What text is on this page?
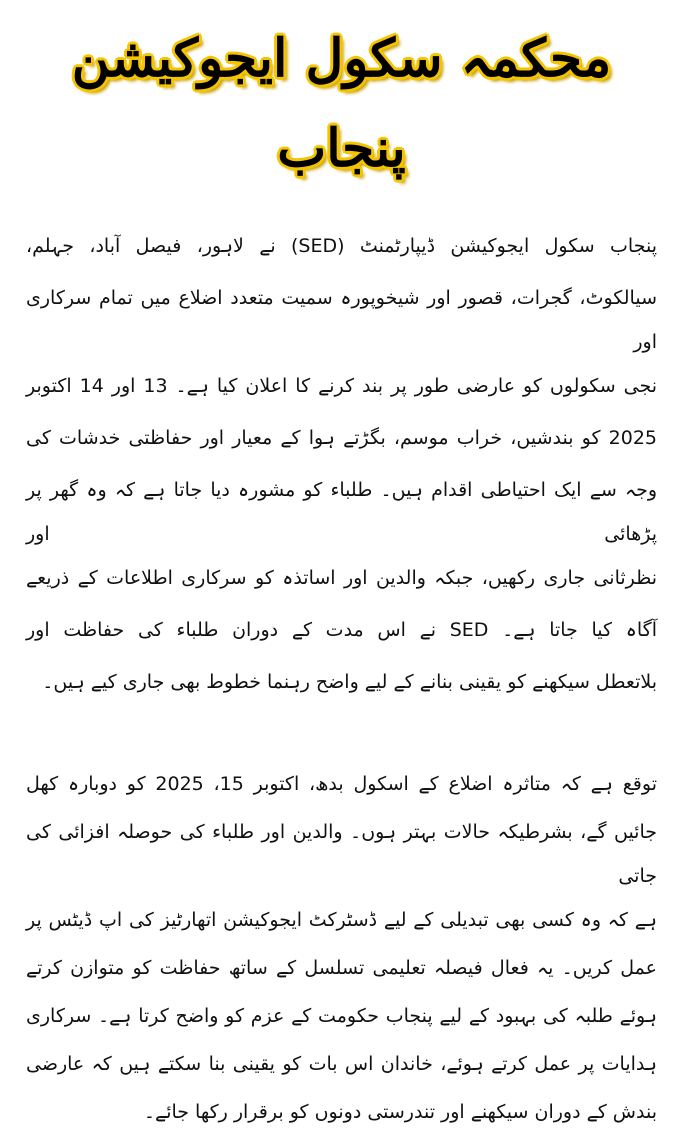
محکمہ سکول ایجوکیشن پنجاب
پنجاب سکول ایجوکیشن ڈیپارٹمنٹ (SED) نے لاہور، فیصل آباد، جہلم،
سیالکوٹ، گجرات، قصور اور شیخوپورہ سمیت متعدد اضلاع میں تمام سرکاری اور
نجی سکولوں کو عارضی طور پر بند کرنے کا اعلان کیا ہے۔ 13 اور 14 اکتوبر
2025 کو بندشیں، خراب موسم، بگڑتے ہوا کے معیار اور حفاظتی خدشات کی
وجہ سے ایک احتیاطی اقدام ہیں۔ طلباء کو مشورہ دیا جاتا ہے کہ وہ گھر پر پڑھائی اور
نظرثانی جاری رکھیں، جبکہ والدین اور اساتذہ کو سرکاری اطلاعات کے ذریعے
آگاہ کیا جاتا ہے۔ SED نے اس مدت کے دوران طلباء کی حفاظت اور
بلاتعطل سیکھنے کو یقینی بنانے کے لیے واضح رہنما خطوط بھی جاری کیے ہیں۔
توقع ہے کہ متاثرہ اضلاع کے اسکول بدھ، اکتوبر 15، 2025 کو دوبارہ کھل
جائیں گے، بشرطیکہ حالات بہتر ہوں۔ والدین اور طلباء کی حوصلہ افزائی کی جاتی
ہے کہ وہ کسی بھی تبدیلی کے لیے ڈسٹرکٹ ایجوکیشن اتھارٹیز کی اپ ڈیٹس پر
عمل کریں۔ یہ فعال فیصلہ تعلیمی تسلسل کے ساتھ حفاظت کو متوازن کرتے
ہوئے طلبہ کی بہبود کے لیے پنجاب حکومت کے عزم کو واضح کرتا ہے۔ سرکاری
ہدایات پر عمل کرتے ہوئے، خاندان اس بات کو یقینی بنا سکتے ہیں کہ عارضی
بندش کے دوران سیکھنے اور تندرستی دونوں کو برقرار رکھا جائے۔
